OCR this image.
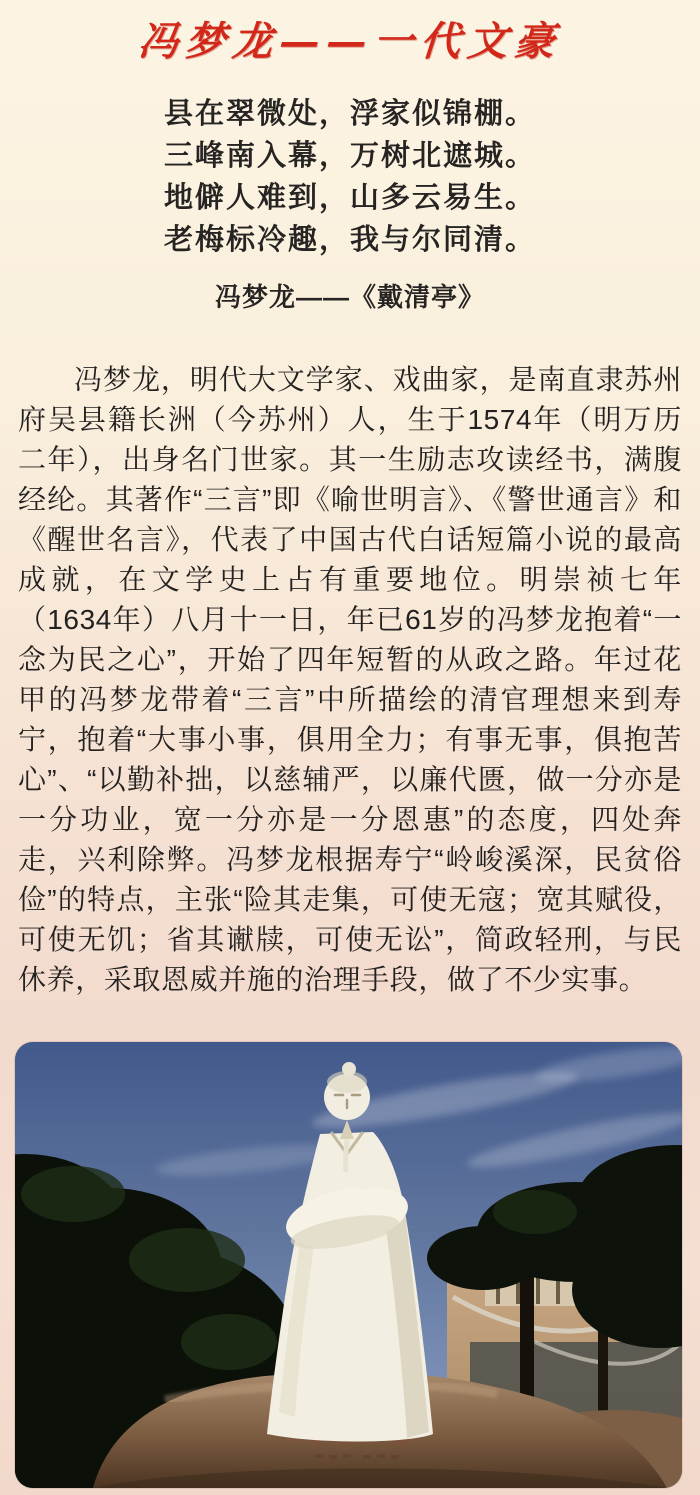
冯梦龙——一代文豪
县在翠微处，浮家似锦棚。
三峰南入幕，万树北遮城。
地僻人难到，山多云易生。
老梅标冷趣，我与尔同清。
冯梦龙——《戴清亭》

冯梦龙，明代大文学家、戏曲家，是南直隶苏州府吴县籍长洲（今苏州）人，生于1574年（明万历二年），出身名门世家。其一生励志攻读经书，满腹经纶。其著作“三言”即《喻世明言》、《警世通言》和《醒世名言》，代表了中国古代白话短篇小说的最高成就，在文学史上占有重要地位。明崇祯七年（1634年）八月十一日，年已61岁的冯梦龙抱着“一念为民之心”，开始了四年短暂的从政之路。年过花甲的冯梦龙带着“三言”中所描绘的清官理想来到寿宁，抱着“大事小事，俱用全力；有事无事，俱抱苦心”、“以勤补拙，以慈辅严，以廉代匮，做一分亦是一分功业，宽一分亦是一分恩惠”的态度，四处奔走，兴利除弊。冯梦龙根据寿宁“岭峻溪深，民贫俗俭”的特点，主张“险其走集，可使无寇；宽其赋役，可使无饥；省其谳牍，可使无讼”，简政轻刑，与民休养，采取恩威并施的治理手段，做了不少实事。
